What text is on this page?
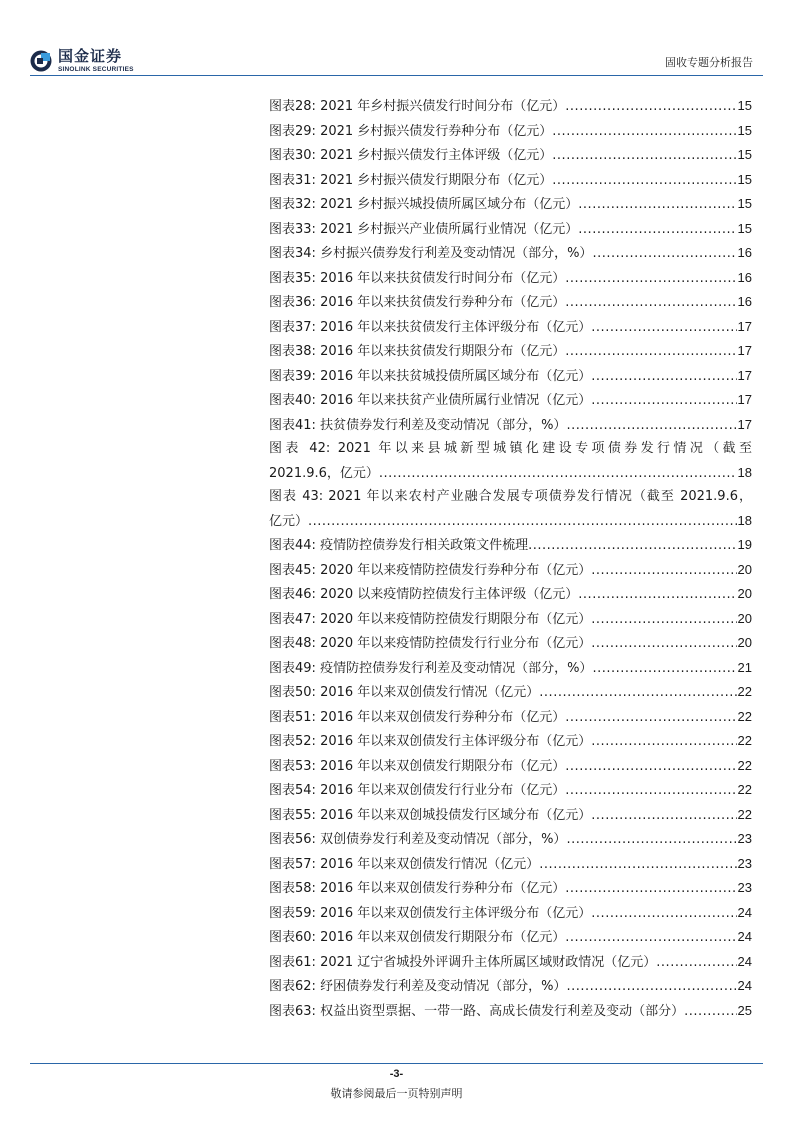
国金证券
SINOLINK SECURITIES
固收专题分析报告
图表28: 2021 年乡村振兴债发行时间分布（亿元） .....	15
图表29: 2021 乡村振兴债发行券种分布（亿元） .....	15
图表30: 2021 乡村振兴债发行主体评级（亿元） .....	15
图表31: 2021 乡村振兴债发行期限分布（亿元） .....	15
图表32: 2021 乡村振兴城投债所属区域分布（亿元） .....	15
图表33: 2021 乡村振兴产业债所属行业情况（亿元） .....	15
图表34: 乡村振兴债券发行利差及变动情况（部分，%） .....	16
图表35: 2016 年以来扶贫债发行时间分布（亿元） .....	16
图表36: 2016 年以来扶贫债发行券种分布（亿元） .....	16
图表37: 2016 年以来扶贫债发行主体评级分布（亿元） .....	17
图表38: 2016 年以来扶贫债发行期限分布（亿元） .....	17
图表39: 2016 年以来扶贫城投债所属区域分布（亿元） .....	17
图表40: 2016 年以来扶贫产业债所属行业情况（亿元） .....	17
图表41: 扶贫债券发行利差及变动情况（部分，%） .....	17
图表 42: 2021 年以来县城新型城镇化建设专项债券发行情况（截至
2021.9.6，亿元） .....	18
图表 43: 2021 年以来农村产业融合发展专项债券发行情况（截至 2021.9.6，
亿元） .....	18
图表44: 疫情防控债券发行相关政策文件梳理 .....	19
图表45: 2020 年以来疫情防控债发行券种分布（亿元） .....	20
图表46: 2020 以来疫情防控债发行主体评级（亿元） .....	20
图表47: 2020 年以来疫情防控债发行期限分布（亿元） .....	20
图表48: 2020 年以来疫情防控债发行行业分布（亿元） .....	20
图表49: 疫情防控债券发行利差及变动情况（部分，%） .....	21
图表50: 2016 年以来双创债发行情况（亿元） .....	22
图表51: 2016 年以来双创债发行券种分布（亿元） .....	22
图表52: 2016 年以来双创债发行主体评级分布（亿元） .....	22
图表53: 2016 年以来双创债发行期限分布（亿元） .....	22
图表54: 2016 年以来双创债发行行业分布（亿元） .....	22
图表55: 2016 年以来双创城投债发行区域分布（亿元） .....	22
图表56: 双创债券发行利差及变动情况（部分，%） .....	23
图表57: 2016 年以来双创债发行情况（亿元） .....	23
图表58: 2016 年以来双创债发行券种分布（亿元） .....	23
图表59: 2016 年以来双创债发行主体评级分布（亿元） .....	24
图表60: 2016 年以来双创债发行期限分布（亿元） .....	24
图表61: 2021 辽宁省城投外评调升主体所属区域财政情况（亿元） .....	24
图表62: 纾困债券发行利差及变动情况（部分，%） .....	24
图表63: 权益出资型票据、一带一路、高成长债发行利差及变动（部分） .....	25
-3-
敬请参阅最后一页特别声明
